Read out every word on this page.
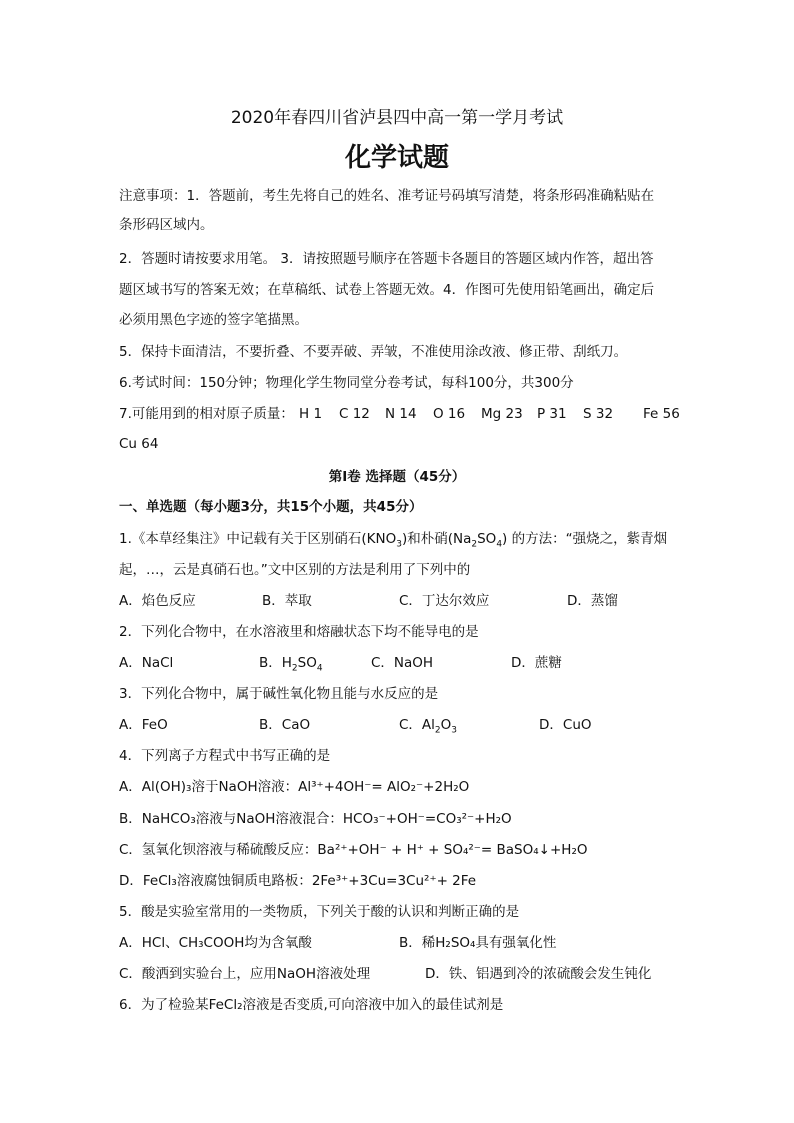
2020年春四川省泸县四中高一第一学月考试
化学试题
注意事项：1．答题前，考生先将自己的姓名、准考证号码填写清楚，将条形码准确粘贴在
条形码区域内。
2．答题时请按要求用笔。 3．请按照题号顺序在答题卡各题目的答题区域内作答，超出答
题区域书写的答案无效；在草稿纸、试卷上答题无效。4．作图可先使用铅笔画出，确定后
必须用黑色字迹的签字笔描黑。
5．保持卡面清洁，不要折叠、不要弄破、弄皱，不准使用涂改液、修正带、刮纸刀。
6.考试时间：150分钟；物理化学生物同堂分卷考试，每科100分，共300分
7.可能用到的相对原子质量： H 1 C 12 N 14 O 16 Mg 23 P 31 S 32 Fe 56
Cu 64
第Ⅰ卷 选择题（45分）
一、单选题（每小题3分，共15个小题，共45分）
1.《本草经集注》中记载有关于区别硝石$(KNO_3)$和朴硝$(Na_2SO_4)$ 的方法：“强烧之，紫青烟
起，…，云是真硝石也。”文中区别的方法是利用了下列中的
A．焰色反应	B．萃取	C．丁达尔效应	D．蒸馏
2．下列化合物中，在水溶液里和熔融状态下均不能导电的是
A．NaCl	B．$H_2SO_4$	C．NaOH	D．蔗糖
3．下列化合物中，属于碱性氧化物且能与水反应的是
A．FeO	B．CaO	C．$Al_2O_3$	D．CuO
4．下列离子方程式中书写正确的是
A．Al(OH)₃溶于NaOH溶液：Al³⁺+4OH⁻= AlO₂⁻+2H₂O
B．NaHCO₃溶液与NaOH溶液混合：HCO₃⁻+OH⁻=CO₃²⁻+H₂O
C．氢氧化钡溶液与稀硫酸反应：Ba²⁺+OH⁻ + H⁺ + SO₄²⁻= BaSO₄↓+H₂O
D．FeCl₃溶液腐蚀铜质电路板：2Fe³⁺+3Cu=3Cu²⁺+ 2Fe
5．酸是实验室常用的一类物质，下列关于酸的认识和判断正确的是
A．HCl、CH₃COOH均为含氧酸	B．稀H₂SO₄具有强氧化性
C．酸洒到实验台上，应用NaOH溶液处理	D．铁、铝遇到冷的浓硫酸会发生钝化
6．为了检验某FeCl₂溶液是否变质,可向溶液中加入的最佳试剂是
